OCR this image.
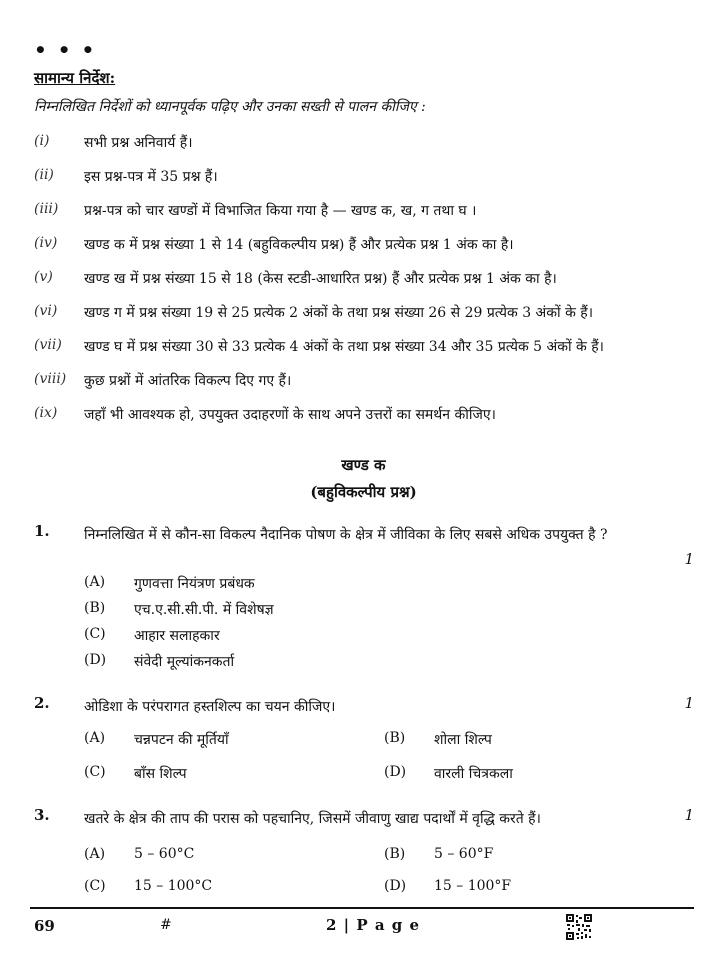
• • •
सामान्य निर्देश:
निम्नलिखित निर्देशों को ध्यानपूर्वक पढ़िए और उनका सख्ती से पालन कीजिए :
(i)	सभी प्रश्न अनिवार्य हैं।
(ii)	इस प्रश्न-पत्र में 35 प्रश्न हैं।
(iii)	प्रश्न-पत्र को चार खण्डों में विभाजित किया गया है — खण्ड क, ख, ग तथा घ ।
(iv)	खण्ड क में प्रश्न संख्या 1 से 14 (बहुविकल्पीय प्रश्न) हैं और प्रत्येक प्रश्न 1 अंक का है।
(v)	खण्ड ख में प्रश्न संख्या 15 से 18 (केस स्टडी-आधारित प्रश्न) हैं और प्रत्येक प्रश्न 1 अंक का है।
(vi)	खण्ड ग में प्रश्न संख्या 19 से 25 प्रत्येक 2 अंकों के तथा प्रश्न संख्या 26 से 29 प्रत्येक 3 अंकों के हैं।
(vii)	खण्ड घ में प्रश्न संख्या 30 से 33 प्रत्येक 4 अंकों के तथा प्रश्न संख्या 34 और 35 प्रत्येक 5 अंकों के हैं।
(viii)	कुछ प्रश्नों में आंतरिक विकल्प दिए गए हैं।
(ix)	जहाँ भी आवश्यक हो, उपयुक्त उदाहरणों के साथ अपने उत्तरों का समर्थन कीजिए।
खण्ड क
(बहुविकल्पीय प्रश्न)
1. निम्नलिखित में से कौन-सा विकल्प नैदानिक पोषण के क्षेत्र में जीविका के लिए सबसे अधिक उपयुक्त है ?
1
(A)	गुणवत्ता नियंत्रण प्रबंधक
(B)	एच.ए.सी.सी.पी. में विशेषज्ञ
(C)	आहार सलाहकार
(D)	संवेदी मूल्यांकनकर्ता
2. ओडिशा के परंपरागत हस्तशिल्प का चयन कीजिए।	1
(A)	चन्नपटन की मूर्तियाँ	(B)	शोला शिल्प
(C)	बाँस शिल्प	(D)	वारली चित्रकला
3. खतरे के क्षेत्र की ताप की परास को पहचानिए, जिसमें जीवाणु खाद्य पदार्थों में वृद्धि करते हैं।	1
(A)	5 – 60°C	(B)	5 – 60°F
(C)	15 – 100°C	(D)	15 – 100°F
69	#	2 | P a g e
